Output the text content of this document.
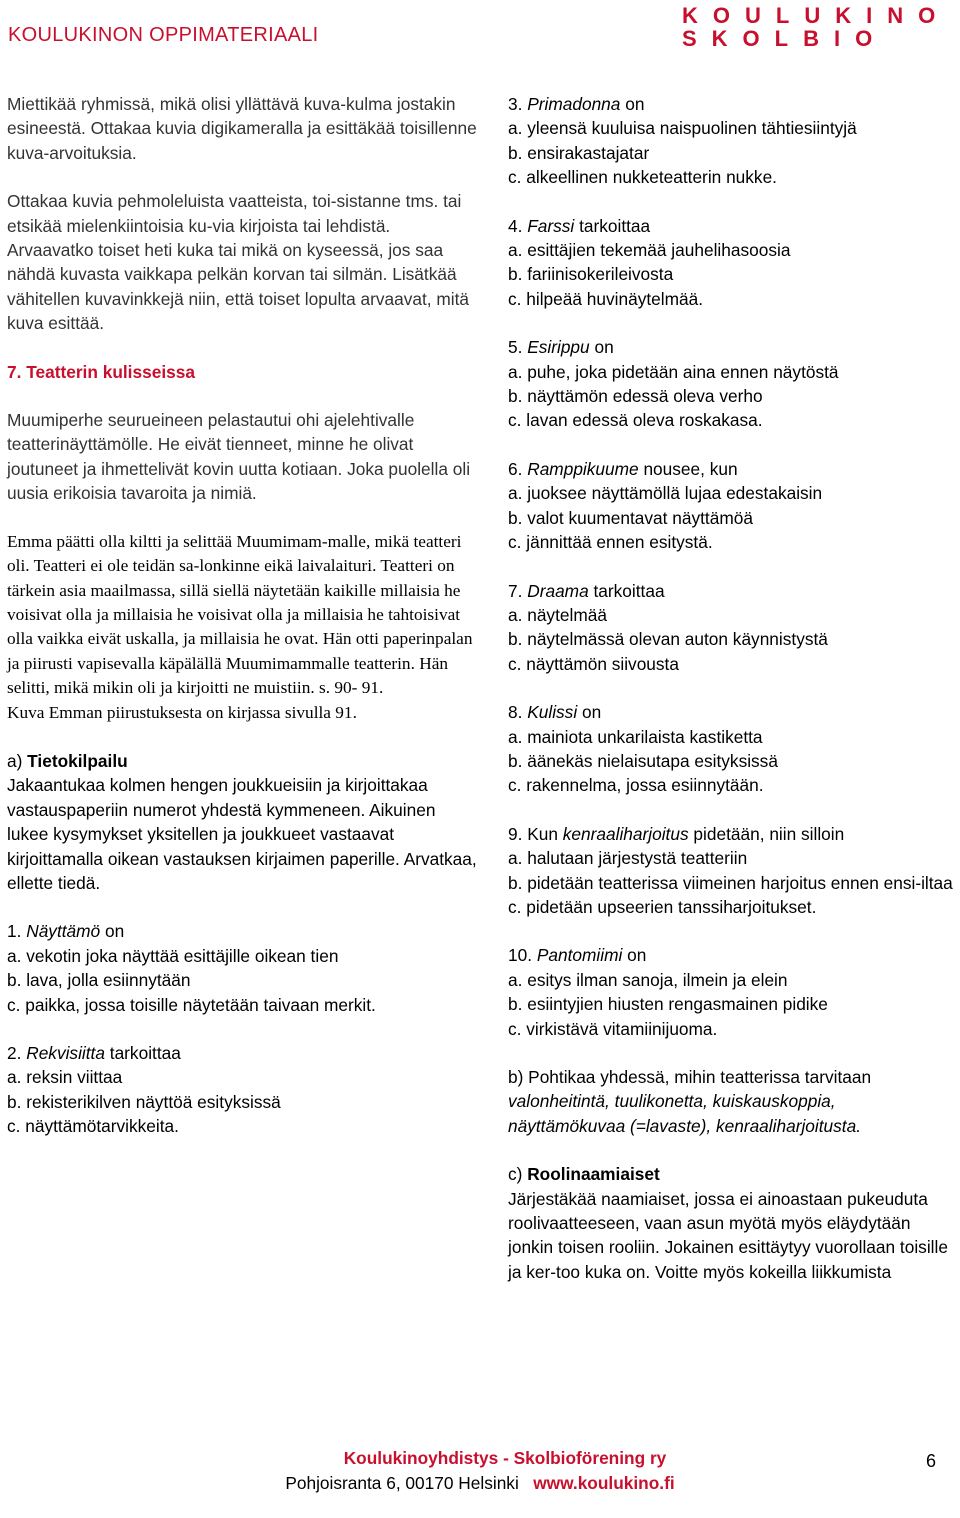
KOULUKINON OPPIMATERIAALI
KOULUKINO
SKOLBIO

Miettikää ryhmissä, mikä olisi yllättävä kuva-kulma jostakin esineestä. Ottakaa kuvia digikameralla ja esittäkää toisillenne kuva-arvoituksia.

Ottakaa kuvia pehmoleluista vaatteista, toi-sistanne tms. tai etsikää mielenkiintoisia ku-via kirjoista tai lehdistä. Arvaavatko toiset heti kuka tai mikä on kyseessä, jos saa nähdä kuvasta vaikkapa pelkän korvan tai silmän. Lisätkää vähitellen kuvavinkkejä niin, että toiset lopulta arvaavat, mitä kuva esittää.

7. Teatterin kulisseissa

Muumiperhe seurueineen pelastautui ohi ajelehtivalle teatterinäyttämölle. He eivät tienneet, minne he olivat joutuneet ja ihmettelivät kovin uutta kotiaan. Joka puolella oli uusia erikoisia tavaroita ja nimiä.

Emma päätti olla kiltti ja selittää Muumimam-malle, mikä teatteri oli. Teatteri ei ole teidän sa-lonkinne eikä laivalaituri. Teatteri on tärkein asia maailmassa, sillä siellä näytetään kaikille millaisia he voisivat olla ja millaisia he voisivat olla ja millaisia he tahtoisivat olla vaikka eivät uskalla, ja millaisia he ovat. Hän otti paperinpalan ja piirusti vapisevalla käpälällä Muumimammalle teatterin. Hän selitti, mikä mikin oli ja kirjoitti ne muistiin. s. 90- 91.

Kuva Emman piirustuksesta on kirjassa sivulla 91.

a) Tietokilpailu

Jakaantukaa kolmen hengen joukkueisiin ja kirjoittakaa vastauspaperiin numerot yhdestä kymmeneen. Aikuinen lukee kysymykset yksitellen ja joukkueet vastaavat kirjoittamalla oikean vastauksen kirjaimen paperille. Arvatkaa, ellette tiedä.

1. Näyttämö on

a. vekotin joka näyttää esittäjille oikean tien

b. lava, jolla esiinnytään

c. paikka, jossa toisille näytetään taivaan merkit.

2. Rekvisiitta tarkoittaa

a. reksin viittaa

b. rekisterikilven näyttöä esityksissä

c. näyttämötarvikkeita.

3. Primadonna on

a. yleensä kuuluisa naispuolinen tähtiesiintyjä

b. ensirakastajatar

c. alkeellinen nukketeatterin nukke.

4. Farssi tarkoittaa

a. esittäjien tekemää jauhelihasoosia

b. fariinisokerileivosta

c. hilpeää huvinäytelmää.

5. Esirippu on

a. puhe, joka pidetään aina ennen näytöstä

b. näyttämön edessä oleva verho

c. lavan edessä oleva roskakasa.

6. Ramppikuume nousee, kun

a. juoksee näyttämöllä lujaa edestakaisin

b. valot kuumentavat näyttämöä

c. jännittää ennen esitystä.

7. Draama tarkoittaa

a. näytelmää

b. näytelmässä olevan auton käynnistystä

c. näyttämön siivousta

8. Kulissi on

a. mainiota unkarilaista kastiketta

b. äänekäs nielaisutapa esityksissä

c. rakennelma, jossa esiinnytään.

9. Kun kenraaliharjoitus pidetään, niin silloin

a. halutaan järjestystä teatteriin

b. pidetään teatterissa viimeinen harjoitus ennen ensi-iltaa

c. pidetään upseerien tanssiharjoitukset.

10. Pantomiimi on

a. esitys ilman sanoja, ilmein ja elein

b. esiintyjien hiusten rengasmainen pidike

c. virkistävä vitamiinijuoma.

b) Pohtikaa yhdessä, mihin teatterissa tarvitaan valonheitintä, tuulikonetta, kuiskauskoppia, näyttämökuvaa (=lavaste), kenraaliharjoitusta.

c) Roolinaamiaiset

Järjestäkää naamiaiset, jossa ei ainoastaan pukeuduta roolivaatteeseen, vaan asun myötä myös eläydytään jonkin toisen rooliin. Jokainen esittäytyy vuorollaan toisille ja ker-too kuka on. Voitte myös kokeilla liikkumista

Koulukinoyhdistys - Skolbioförening ry
Pohjoisranta 6, 00170 Helsinki www.koulukino.fi
6
